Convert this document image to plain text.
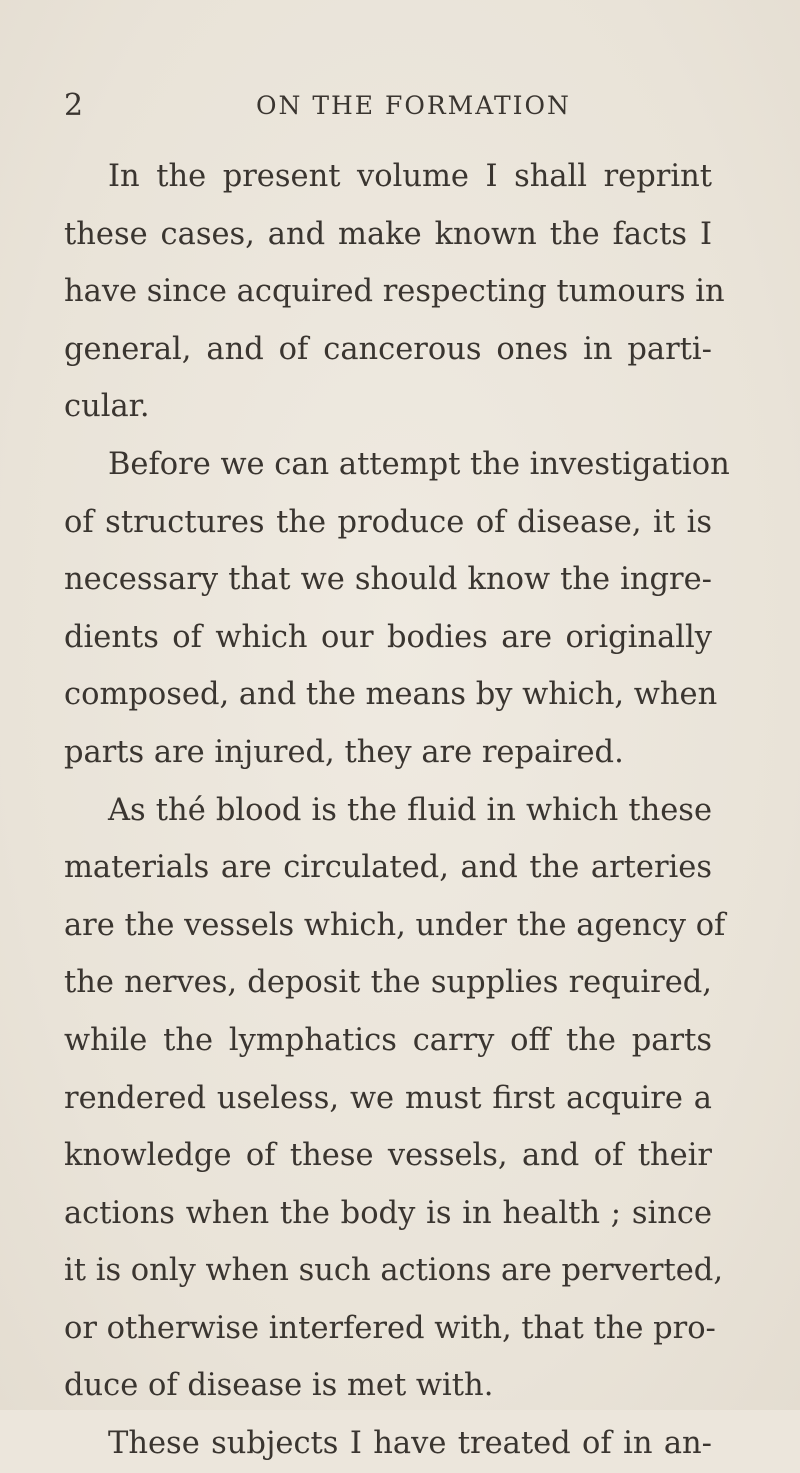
2	ON THE FORMATION
In the present volume I shall reprint
these cases, and make known the facts I
have since acquired respecting tumours in
general, and of cancerous ones in parti-
cular.
Before we can attempt the investigation
of structures the produce of disease, it is
necessary that we should know the ingre-
dients of which our bodies are originally
composed, and the means by which, when
parts are injured, they are repaired.
As thé blood is the fluid in which these
materials are circulated, and the arteries
are the vessels which, under the agency of
the nerves, deposit the supplies required,
while the lymphatics carry off the parts
rendered useless, we must first acquire a
knowledge of these vessels, and of their
actions when the body is in health ; since
it is only when such actions are perverted,
or otherwise interfered with, that the pro-
duce of disease is met with.
These subjects I have treated of in an-
